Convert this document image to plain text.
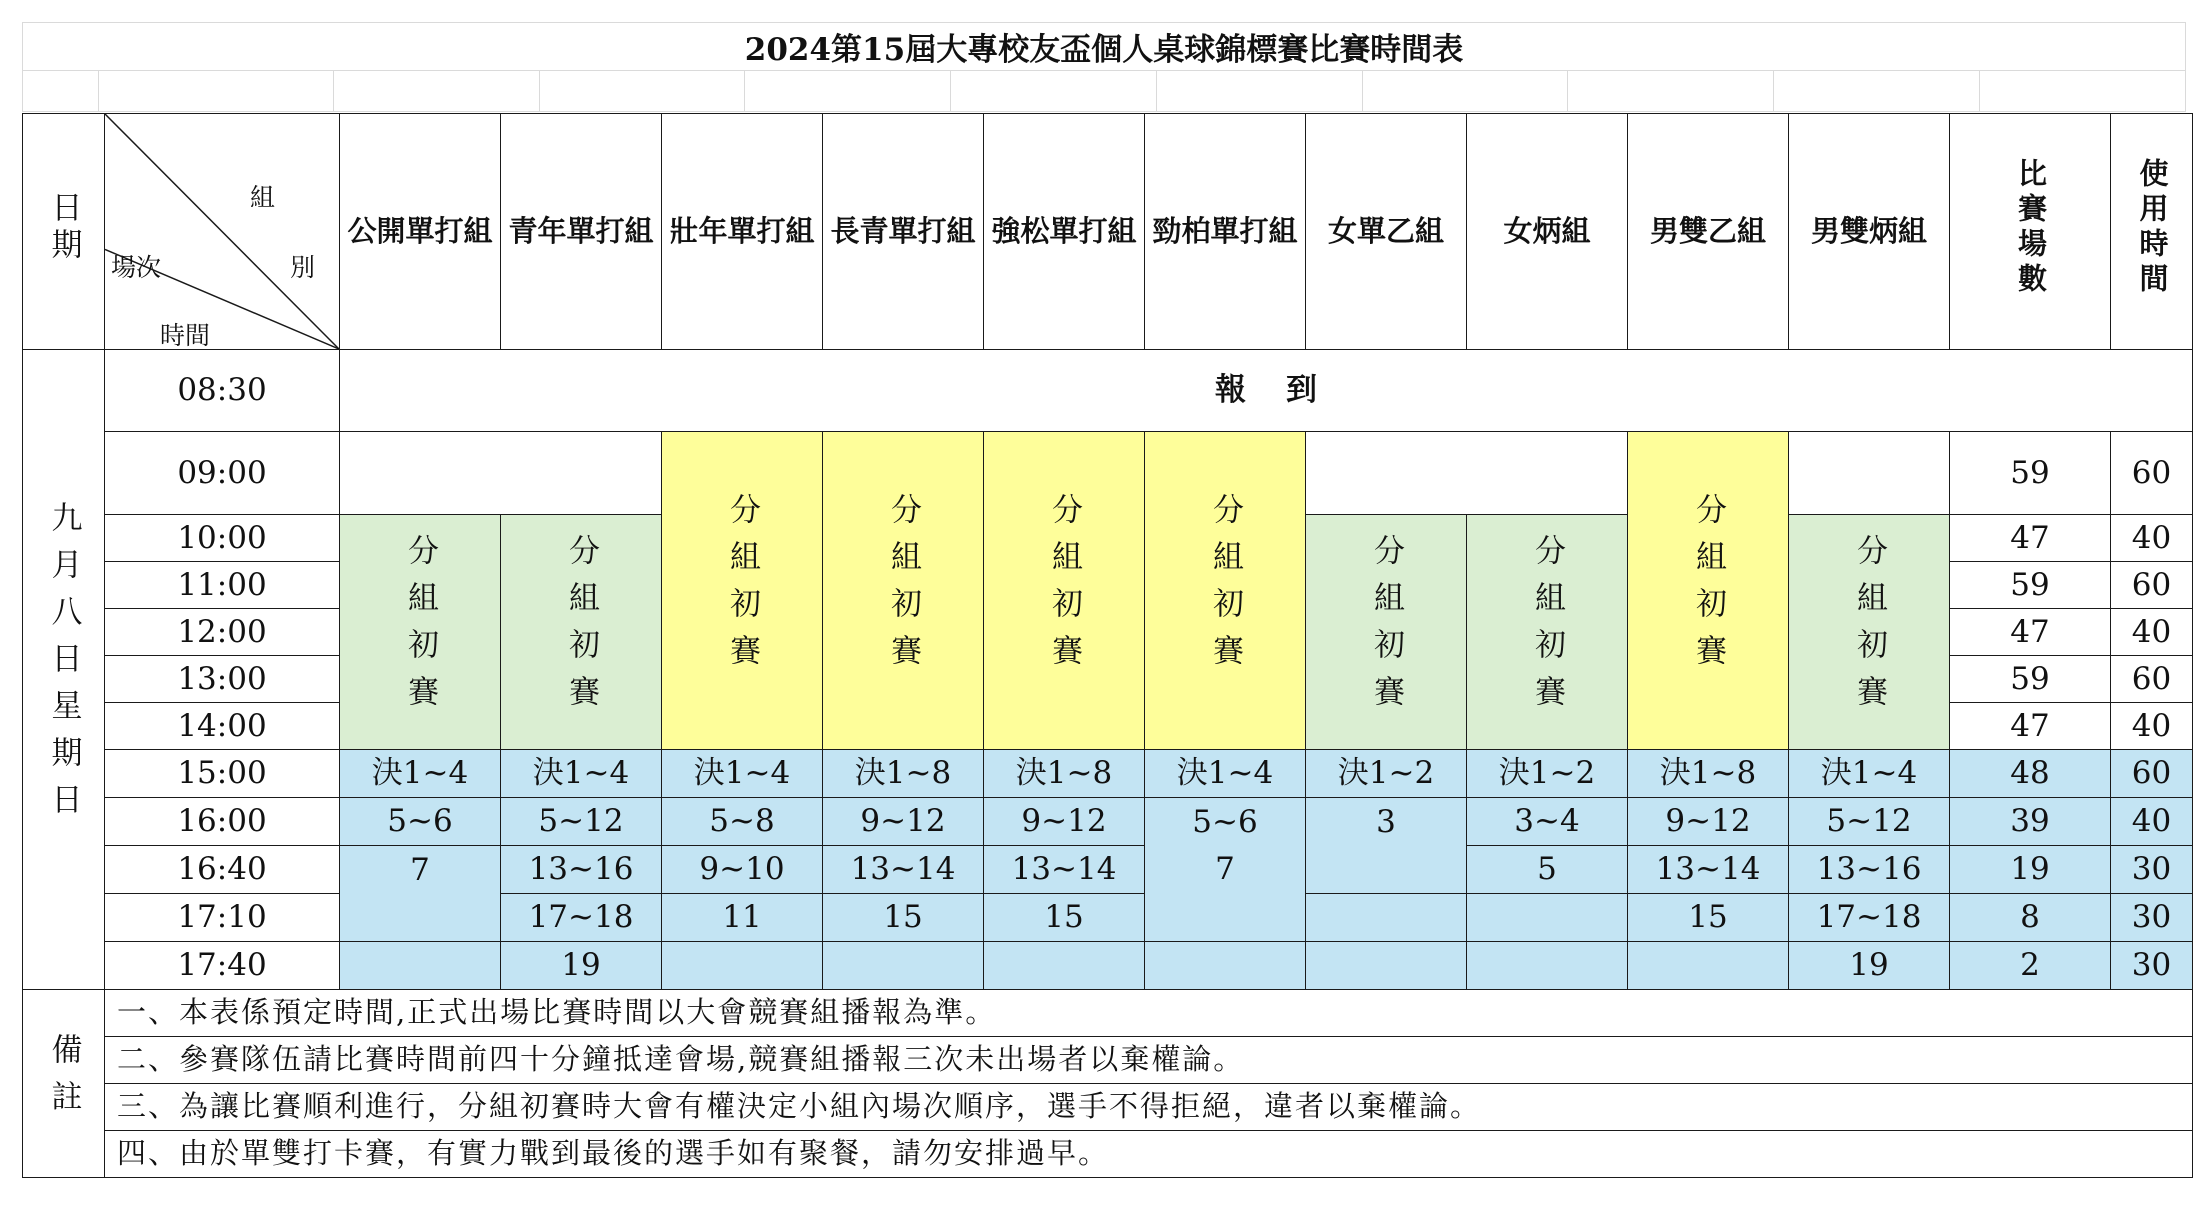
2024第15屆大專校友盃個人桌球錦標賽比賽時間表

日期	組
別
場次
時間	公開單打組	青年單打組	壯年單打組	長青單打組	強松單打組	勁柏單打組	女單乙組	女炳組	男雙乙組	男雙炳組	比賽場數	使用時間
九月八日星期日	08:30	報到											
	09:00			分組初賽	分組初賽	分組初賽	分組初賽			分組初賽		59	60
	10:00	分組初賽	分組初賽					分組初賽	分組初賽		分組初賽	47	40
	11:00											59	60
	12:00											47	40
	13:00											59	60
	14:00											47	40
	15:00	決1~4	決1~4	決1~4	決1~8	決1~8	決1~4	決1~2	決1~2	決1~8	決1~4	48	60
	16:00	5~6	5~12	5~8	9~12	9~12	5~6	3	3~4	9~12	5~12	39	40
	16:40	7	13~16	9~10	13~14	13~14	7		5	13~14	13~16	19	30
	17:10		17~18	11	15	15				15	17~18	8	30
	17:40		19								19	2	30
備註	一、本表係預定時間,正式出場比賽時間以大會競賽組播報為準。												
	二、參賽隊伍請比賽時間前四十分鐘抵達會場,競賽組播報三次未出場者以棄權論。												
	三、為讓比賽順利進行，分組初賽時大會有權決定小組內場次順序，選手不得拒絕，違者以棄權論。												
	四、由於單雙打卡賽，有實力戰到最後的選手如有聚餐，請勿安排過早。												
